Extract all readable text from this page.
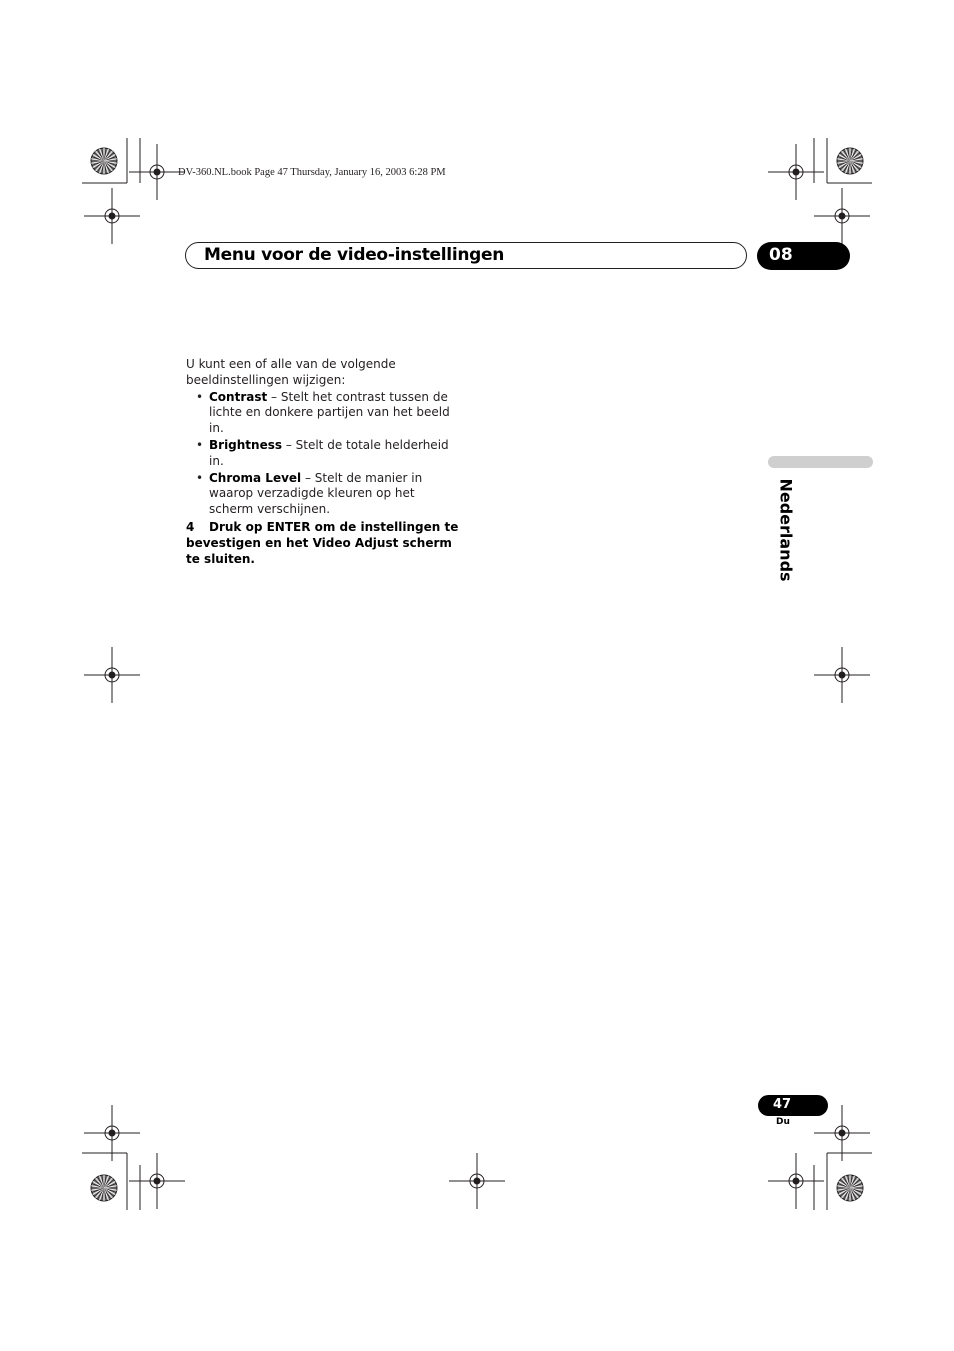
DV-360.NL.book Page 47 Thursday, January 16, 2003 6:28 PM
Menu voor de video-instellingen	08

U kunt een of alle van de volgende beeldinstellingen wijzigen:

• Contrast – Stelt het contrast tussen de lichte en donkere partijen van het beeld in.
• Brightness – Stelt de totale helderheid in.
• Chroma Level – Stelt de manier in waarop verzadigde kleuren op het scherm verschijnen.

4 Druk op ENTER om de instellingen te bevestigen en het Video Adjust scherm te sluiten.	Nederlands
47
Du
